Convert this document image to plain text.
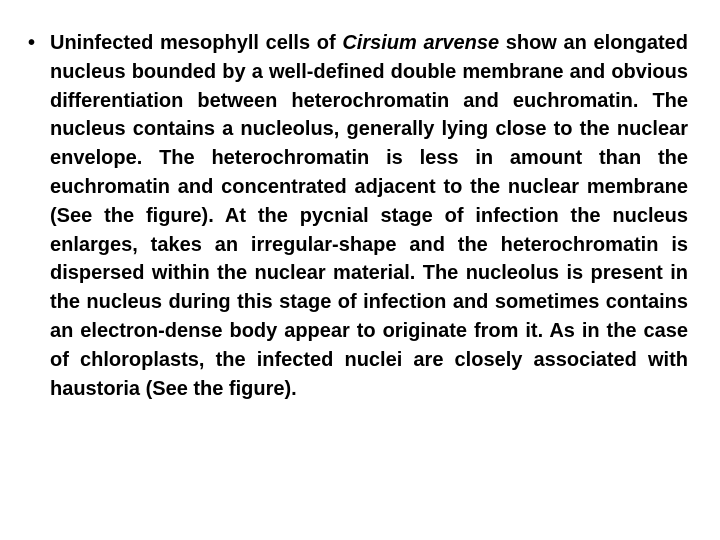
• Uninfected mesophyll cells of Cirsium arvense show an elongated nucleus bounded by a well-defined double membrane and obvious differentiation between heterochromatin and euchromatin. The nucleus contains a nucleolus, generally lying close to the nuclear envelope. The heterochromatin is less in amount than the euchromatin and concentrated adjacent to the nuclear membrane (See the figure). At the pycnial stage of infection the nucleus enlarges, takes an irregular-shape and the heterochromatin is dispersed within the nuclear material. The nucleolus is present in the nucleus during this stage of infection and sometimes contains an electron-dense body appear to originate from it. As in the case of chloroplasts, the infected nuclei are closely associated with haustoria (See the figure).
